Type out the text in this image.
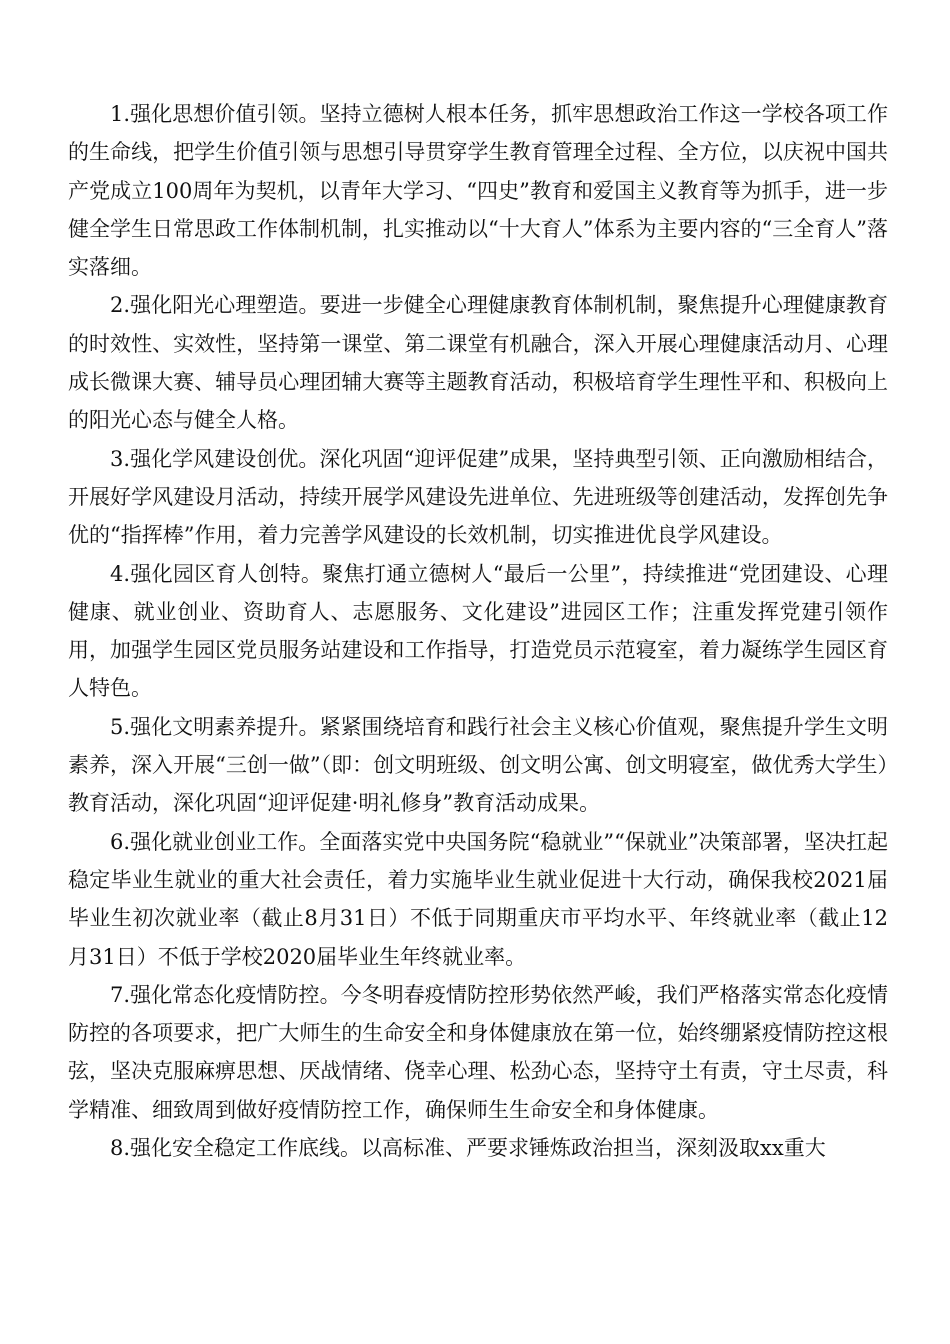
1.强化思想价值引领。坚持立德树人根本任务，抓牢思想政治工作这一学校各项工作的生命线，把学生价值引领与思想引导贯穿学生教育管理全过程、全方位，以庆祝中国共产党成立100周年为契机，以青年大学习、“四史”教育和爱国主义教育等为抓手，进一步健全学生日常思政工作体制机制，扎实推动以“十大育人”体系为主要内容的“三全育人”落实落细。

2.强化阳光心理塑造。要进一步健全心理健康教育体制机制，聚焦提升心理健康教育的时效性、实效性，坚持第一课堂、第二课堂有机融合，深入开展心理健康活动月、心理成长微课大赛、辅导员心理团辅大赛等主题教育活动，积极培育学生理性平和、积极向上的阳光心态与健全人格。

3.强化学风建设创优。深化巩固“迎评促建”成果，坚持典型引领、正向激励相结合，开展好学风建设月活动，持续开展学风建设先进单位、先进班级等创建活动，发挥创先争优的“指挥棒”作用，着力完善学风建设的长效机制，切实推进优良学风建设。

4.强化园区育人创特。聚焦打通立德树人“最后一公里”，持续推进“党团建设、心理健康、就业创业、资助育人、志愿服务、文化建设”进园区工作；注重发挥党建引领作用，加强学生园区党员服务站建设和工作指导，打造党员示范寝室，着力凝练学生园区育人特色。

5.强化文明素养提升。紧紧围绕培育和践行社会主义核心价值观，聚焦提升学生文明素养，深入开展“三创一做”（即：创文明班级、创文明公寓、创文明寝室，做优秀大学生）教育活动，深化巩固“迎评促建·明礼修身”教育活动成果。

6.强化就业创业工作。全面落实党中央国务院“稳就业”“保就业”决策部署，坚决扛起稳定毕业生就业的重大社会责任，着力实施毕业生就业促进十大行动，确保我校2021届毕业生初次就业率（截止8月31日）不低于同期重庆市平均水平、年终就业率（截止12月31日）不低于学校2020届毕业生年终就业率。

7.强化常态化疫情防控。今冬明春疫情防控形势依然严峻，我们严格落实常态化疫情防控的各项要求，把广大师生的生命安全和身体健康放在第一位，始终绷紧疫情防控这根弦，坚决克服麻痹思想、厌战情绪、侥幸心理、松劲心态，坚持守土有责，守土尽责，科学精准、细致周到做好疫情防控工作，确保师生生命安全和身体健康。

8.强化安全稳定工作底线。以高标准、严要求锤炼政治担当，深刻汲取xx重大
